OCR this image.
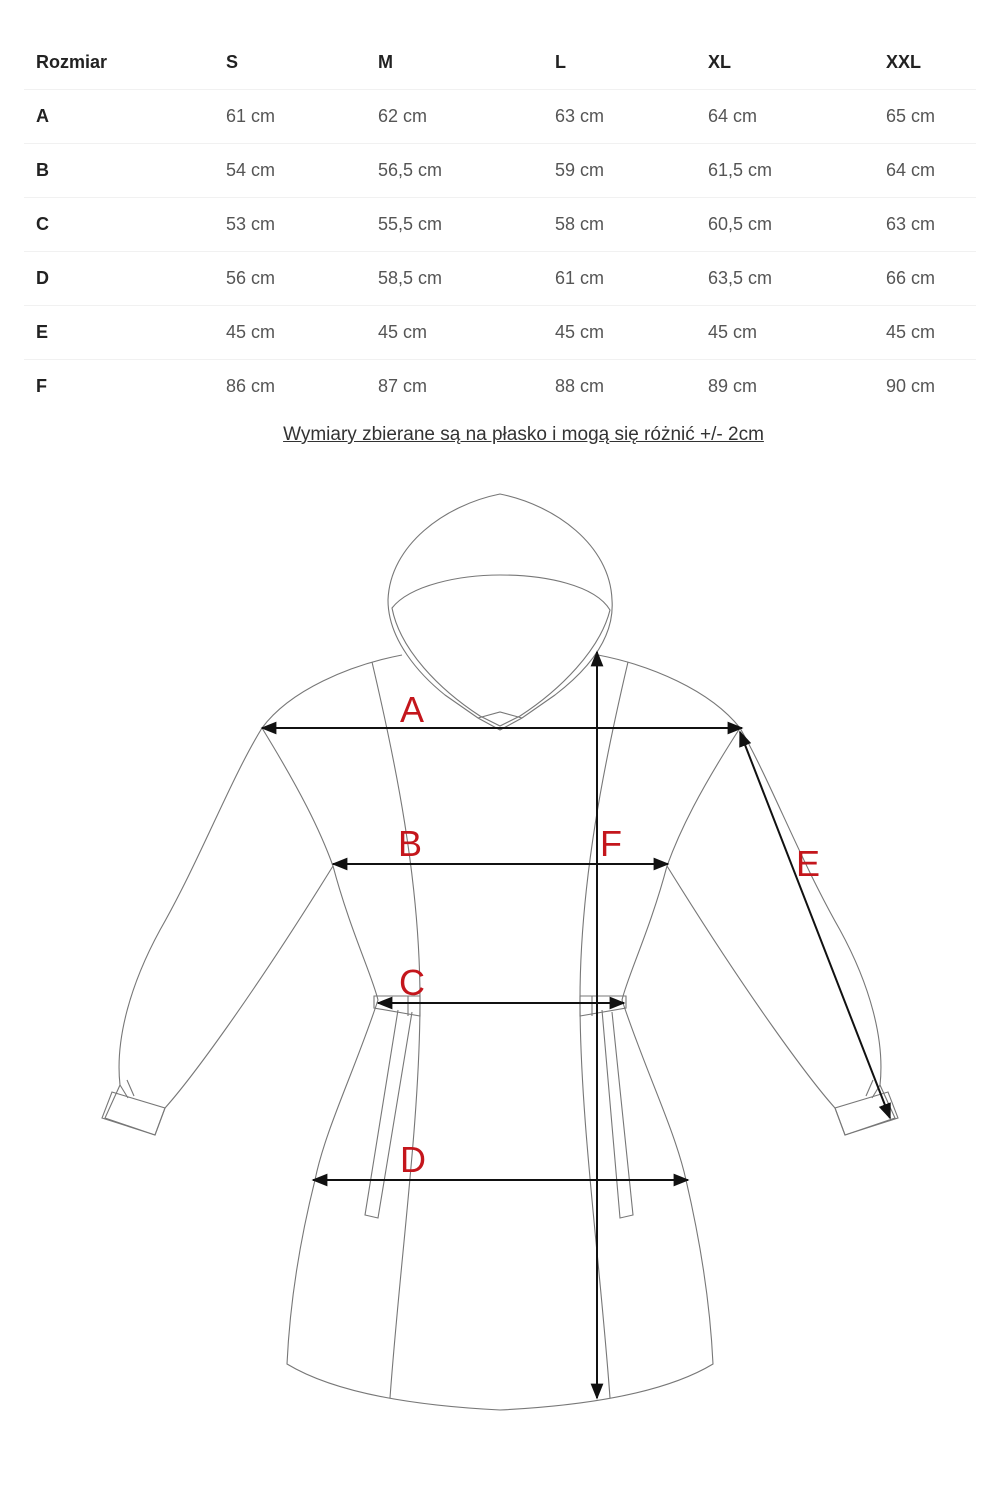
Rozmiar	S	M	L	XL	XXL
A	61 cm	62 cm	63 cm	64 cm	65 cm
B	54 cm	56,5 cm	59 cm	61,5 cm	64 cm
C	53 cm	55,5 cm	58 cm	60,5 cm	63 cm
D	56 cm	58,5 cm	61 cm	63,5 cm	66 cm
E	45 cm	45 cm	45 cm	45 cm	45 cm
F	86 cm	87 cm	88 cm	89 cm	90 cm
Wymiary zbierane są na płasko i mogą się różnić +/- 2cm
A
B
C
D
E
F
